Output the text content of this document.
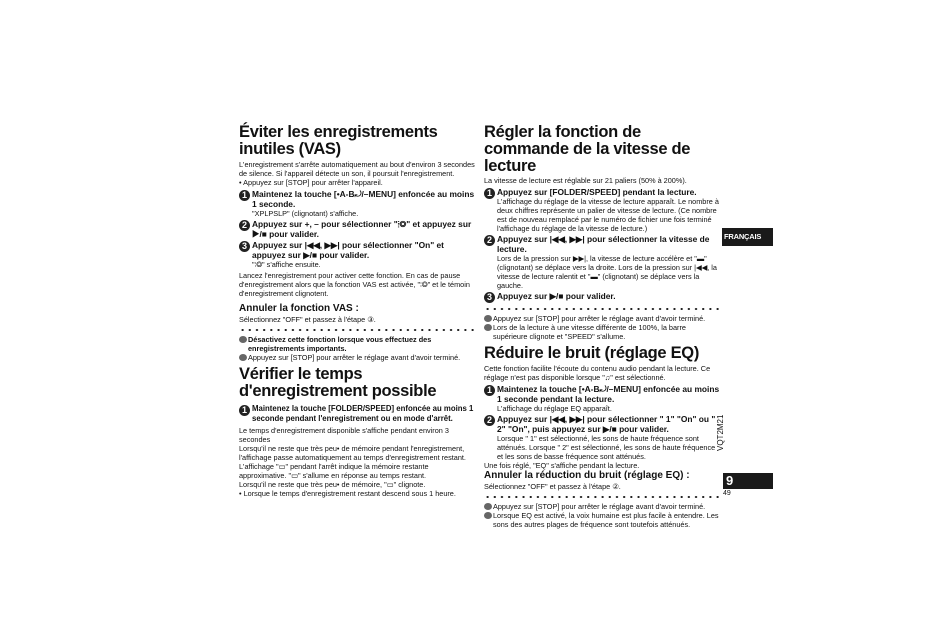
Éviter les enregistrements inutiles (VAS)

L'enregistrement s'arrête automatiquement au bout d'environ 3 secondes de silence. Si l'appareil détecte un son, il poursuit l'enregistrement.

• Appuyez sur [STOP] pour arrêter l'appareil.

1 Maintenez la touche [•A-B⤾/–MENU] enfoncée au moins 1 seconde.
"XPLPSLP" (clignotant) s'affiche.
2 Appuyez sur +, – pour sélectionner "⦙◎" et appuyez sur ▶/■ pour valider.
3 Appuyez sur |◀◀, ▶▶| pour sélectionner "On" et appuyez sur ▶/■ pour valider.
"⦙◎" s'affiche ensuite.

Lancez l'enregistrement pour activer cette fonction. En cas de pause d'enregistrement alors que la fonction VAS est activée, "⦙◎" et le témoin d'enregistrement clignotent.

Annuler la fonction VAS :

Sélectionnez "OFF" et passez à l'étape ③.

Désactivez cette fonction lorsque vous effectuez des enregistrements importants.
Appuyez sur [STOP] pour arrêter le réglage avant d'avoir terminé.
Vérifier le temps d'enregistrement possible
1 Maintenez la touche [FOLDER/SPEED] enfoncée au moins 1 seconde pendant l'enregistrement ou en mode d'arrêt.

Le temps d'enregistrement disponible s'affiche pendant environ 3 secondes

Lorsqu'il ne reste que très peu• de mémoire pendant l'enregistrement, l'affichage passe automatiquement au temps d'enregistrement restant. L'affichage "▭" pendant l'arrêt indique la mémoire restante approximative. "▭" s'allume en réponse au temps restant.

Lorsqu'il ne reste que très peu• de mémoire, "▭" clignote.

• Lorsque le temps d'enregistrement restant descend sous 1 heure.

Régler la fonction de commande de la vitesse de lecture

La vitesse de lecture est réglable sur 21 paliers (50% à 200%).

1 Appuyez sur [FOLDER/SPEED] pendant la lecture.
L'affichage du réglage de la vitesse de lecture apparaît. Le nombre à deux chiffres représente un palier de vitesse de lecture. (Ce nombre est de nouveau remplacé par le numéro de fichier une fois terminé l'affichage du réglage de la vitesse de lecture.)
2 Appuyez sur |◀◀, ▶▶| pour sélectionner la vitesse de lecture.
Lors de la pression sur ▶▶|, la vitesse de lecture accélère et "▬" (clignotant) se déplace vers la droite. Lors de la pression sur |◀◀, la vitesse de lecture ralentit et "▬" (clignotant) se déplace vers la gauche.
3 Appuyez sur ▶/■ pour valider.
Appuyez sur [STOP] pour arrêter le réglage avant d'avoir terminé.
Lors de la lecture à une vitesse différente de 100%, la barre supérieure clignote et "SPEED" s'allume.
Réduire le bruit (réglage EQ)

Cette fonction facilite l'écoute du contenu audio pendant la lecture. Ce réglage n'est pas disponible lorsque "♫" est sélectionné.

1 Maintenez la touche [•A-B⤾/–MENU] enfoncée au moins 1 seconde pendant la lecture.
L'affichage du réglage EQ apparaît.
2 Appuyez sur |◀◀, ▶▶| pour sélectionner " 1" "On" ou " 2" "On", puis appuyez sur ▶/■ pour valider.
Lorsque " 1" est sélectionné, les sons de haute fréquence sont atténués. Lorsque " 2" est sélectionné, les sons de haute fréquence et les sons de basse fréquence sont atténués.

Une fois réglé, "EQ" s'affiche pendant la lecture.

Annuler la réduction du bruit (réglage EQ) :

Sélectionnez "OFF" et passez à l'étape ②.

Appuyez sur [STOP] pour arrêter le réglage avant d'avoir terminé.
Lorsque EQ est activé, la voix humaine est plus facile à entendre. Les sons des autres plages de fréquence sont toutefois atténués.
FRANÇAIS
VQT2M21
9
49
